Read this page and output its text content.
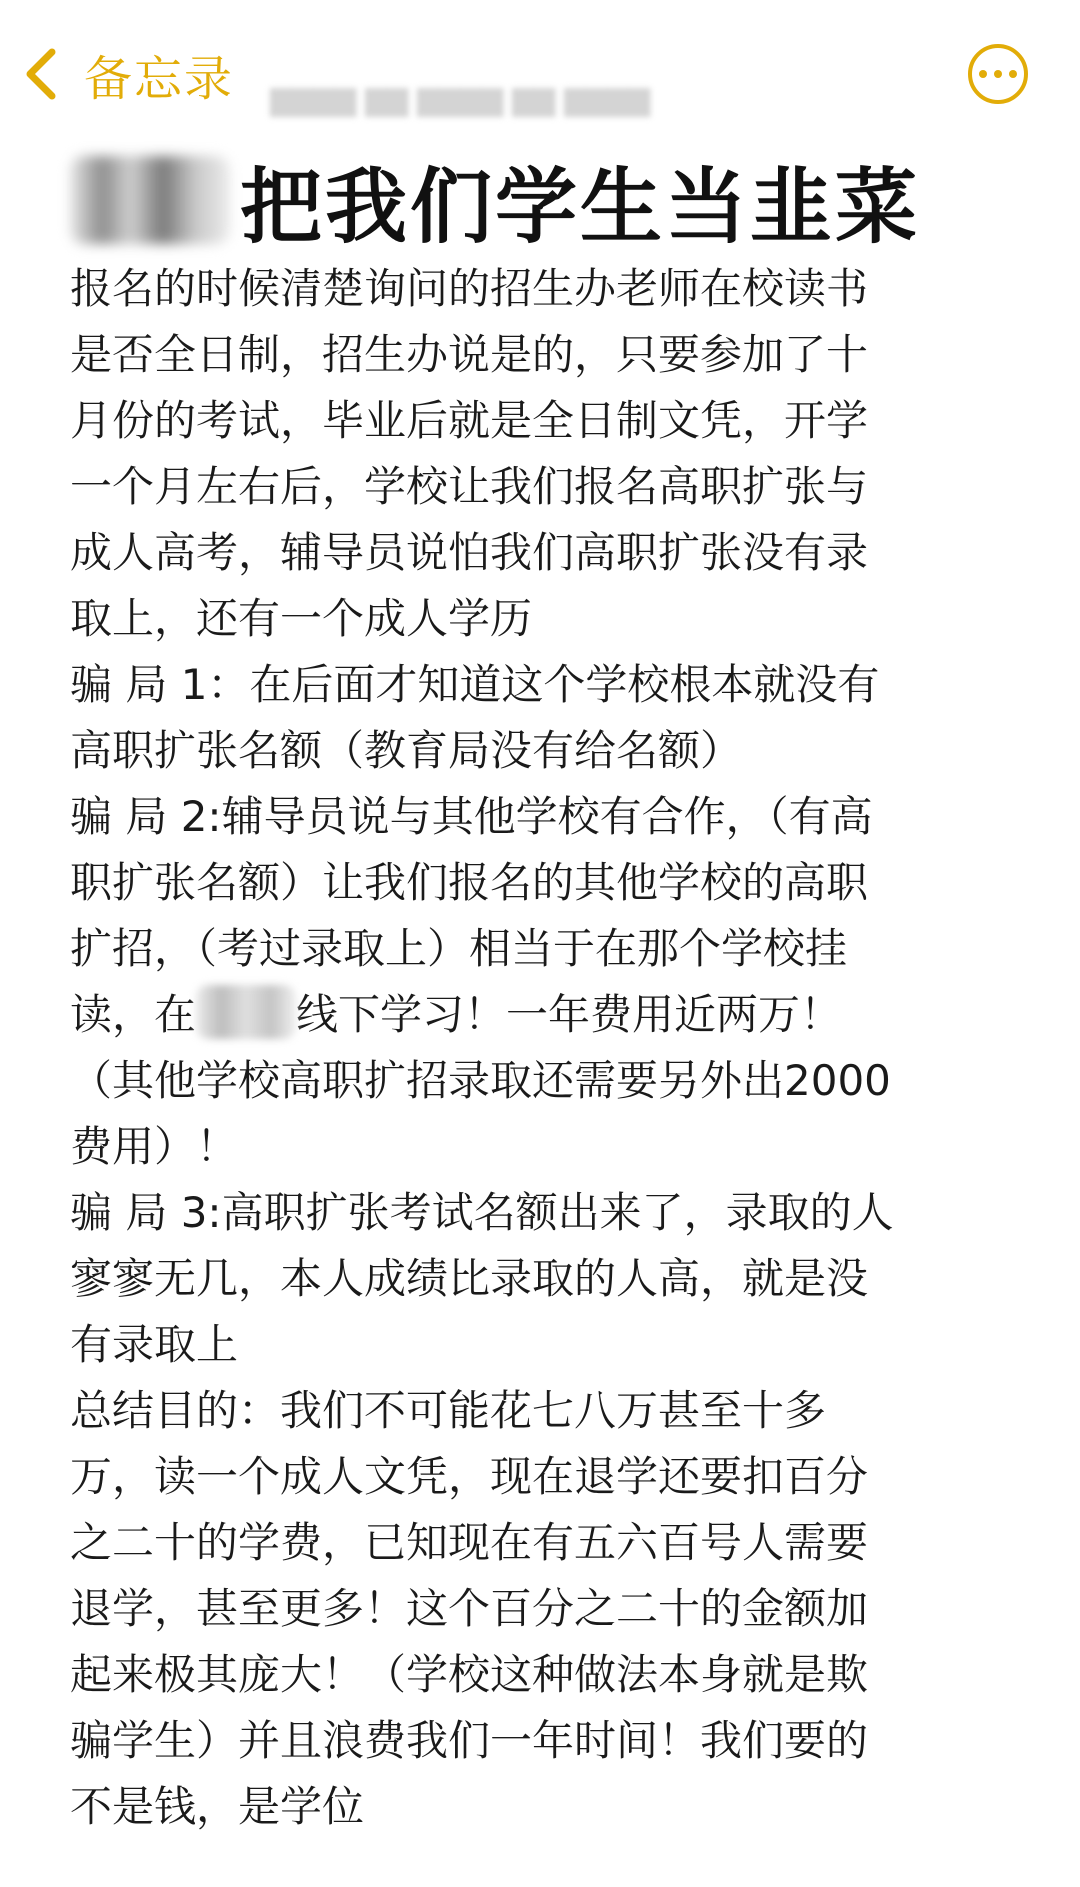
备忘录 ▇▇▇▇ ▇▇ ▇▇▇▇ ▇▇ ▇▇▇▇
把我们学生当韭菜
报名的时候清楚询问的招生办老师在校读书
是否全日制，招生办说是的，只要参加了十
月份的考试，毕业后就是全日制文凭，开学
一个月左右后，学校让我们报名高职扩张与
成人高考，辅导员说怕我们高职扩张没有录
取上，还有一个成人学历
骗 局 1：在后面才知道这个学校根本就没有
高职扩张名额（教育局没有给名额）
骗 局 2:辅导员说与其他学校有合作，（有高
职扩张名额）让我们报名的其他学校的高职
扩招，（考过录取上）相当于在那个学校挂
读，在 线下学习！一年费用近两万！
（其他学校高职扩招录取还需要另外出2000
费用）！
骗 局 3:高职扩张考试名额出来了，录取的人
寥寥无几，本人成绩比录取的人高，就是没
有录取上
总结目的：我们不可能花七八万甚至十多
万，读一个成人文凭，现在退学还要扣百分
之二十的学费，已知现在有五六百号人需要
退学，甚至更多！这个百分之二十的金额加
起来极其庞大！（学校这种做法本身就是欺
骗学生）并且浪费我们一年时间！我们要的
不是钱，是学位
